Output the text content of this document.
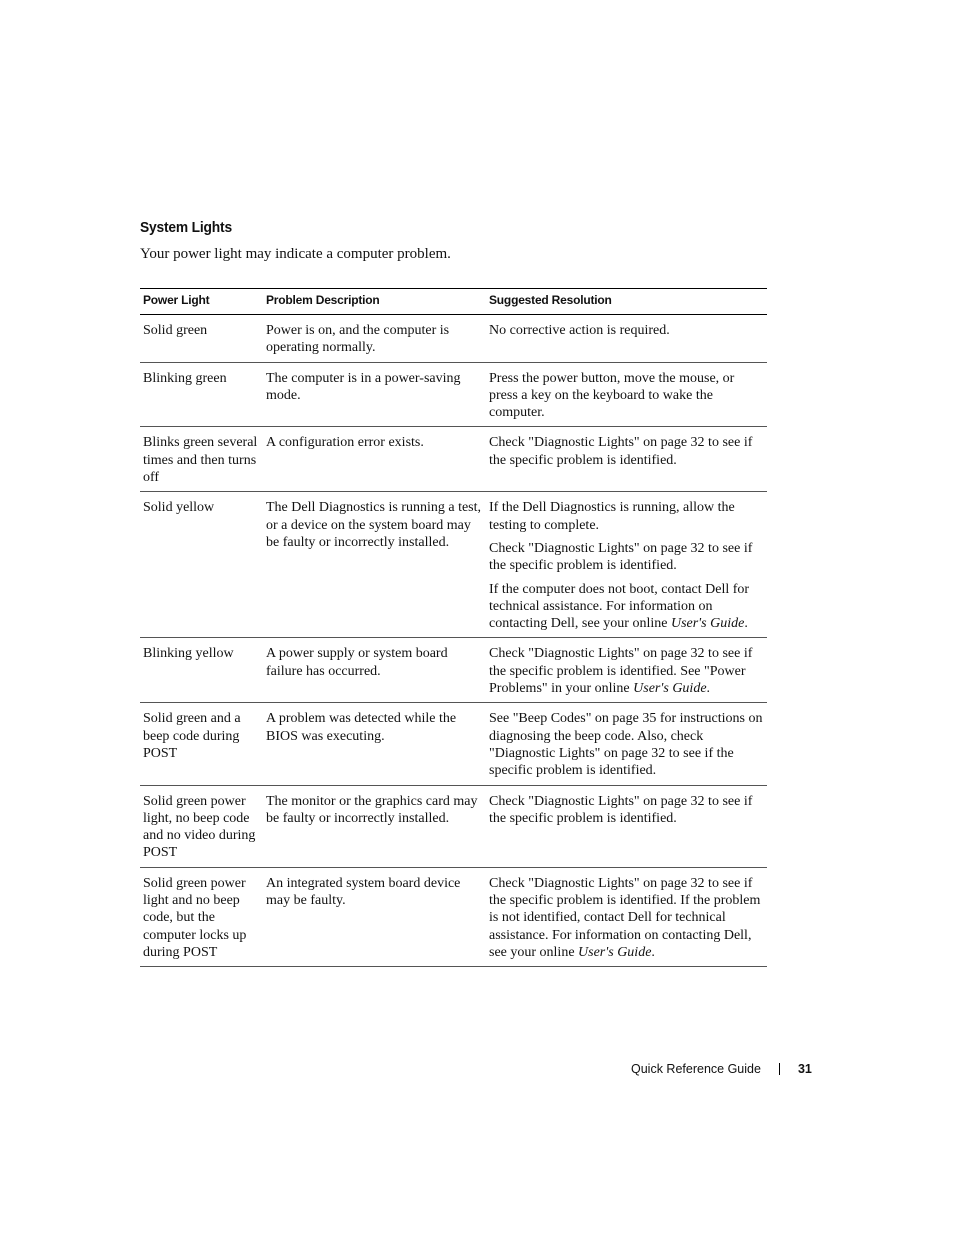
System Lights

Your power light may indicate a computer problem.

Power Light	Problem Description	Suggested Resolution
Solid green	Power is on, and the computer is operating normally.	No corrective action is required.

Blinking green	The computer is in a power-saving mode.	Press the power button, move the mouse, or press a key on the keyboard to wake the computer.

Blinks green several times and then turns off	A configuration error exists.	Check "Diagnostic Lights" on page 32 to see if the specific problem is identified.

Solid yellow	The Dell Diagnostics is running a test, or a device on the system board may be faulty or incorrectly installed.	If the Dell Diagnostics is running, allow the testing to complete.

Check "Diagnostic Lights" on page 32 to see if the specific problem is identified.

If the computer does not boot, contact Dell for technical assistance. For information on contacting Dell, see your online User's Guide.

Blinking yellow	A power supply or system board failure has occurred.	Check "Diagnostic Lights" on page 32 to see if the specific problem is identified. See "Power Problems" in your online User's Guide.

Solid green and a beep code during POST	A problem was detected while the BIOS was executing.	See "Beep Codes" on page 35 for instructions on diagnosing the beep code. Also, check "Diagnostic Lights" on page 32 to see if the specific problem is identified.

Solid green power light, no beep code and no video during POST	The monitor or the graphics card may be faulty or incorrectly installed.	Check "Diagnostic Lights" on page 32 to see if the specific problem is identified.

Solid green power light and no beep code, but the computer locks up during POST	An integrated system board device may be faulty.	Check "Diagnostic Lights" on page 32 to see if the specific problem is identified. If the problem is not identified, contact Dell for technical assistance. For information on contacting Dell, see your online User's Guide.

Quick Reference Guide	31
